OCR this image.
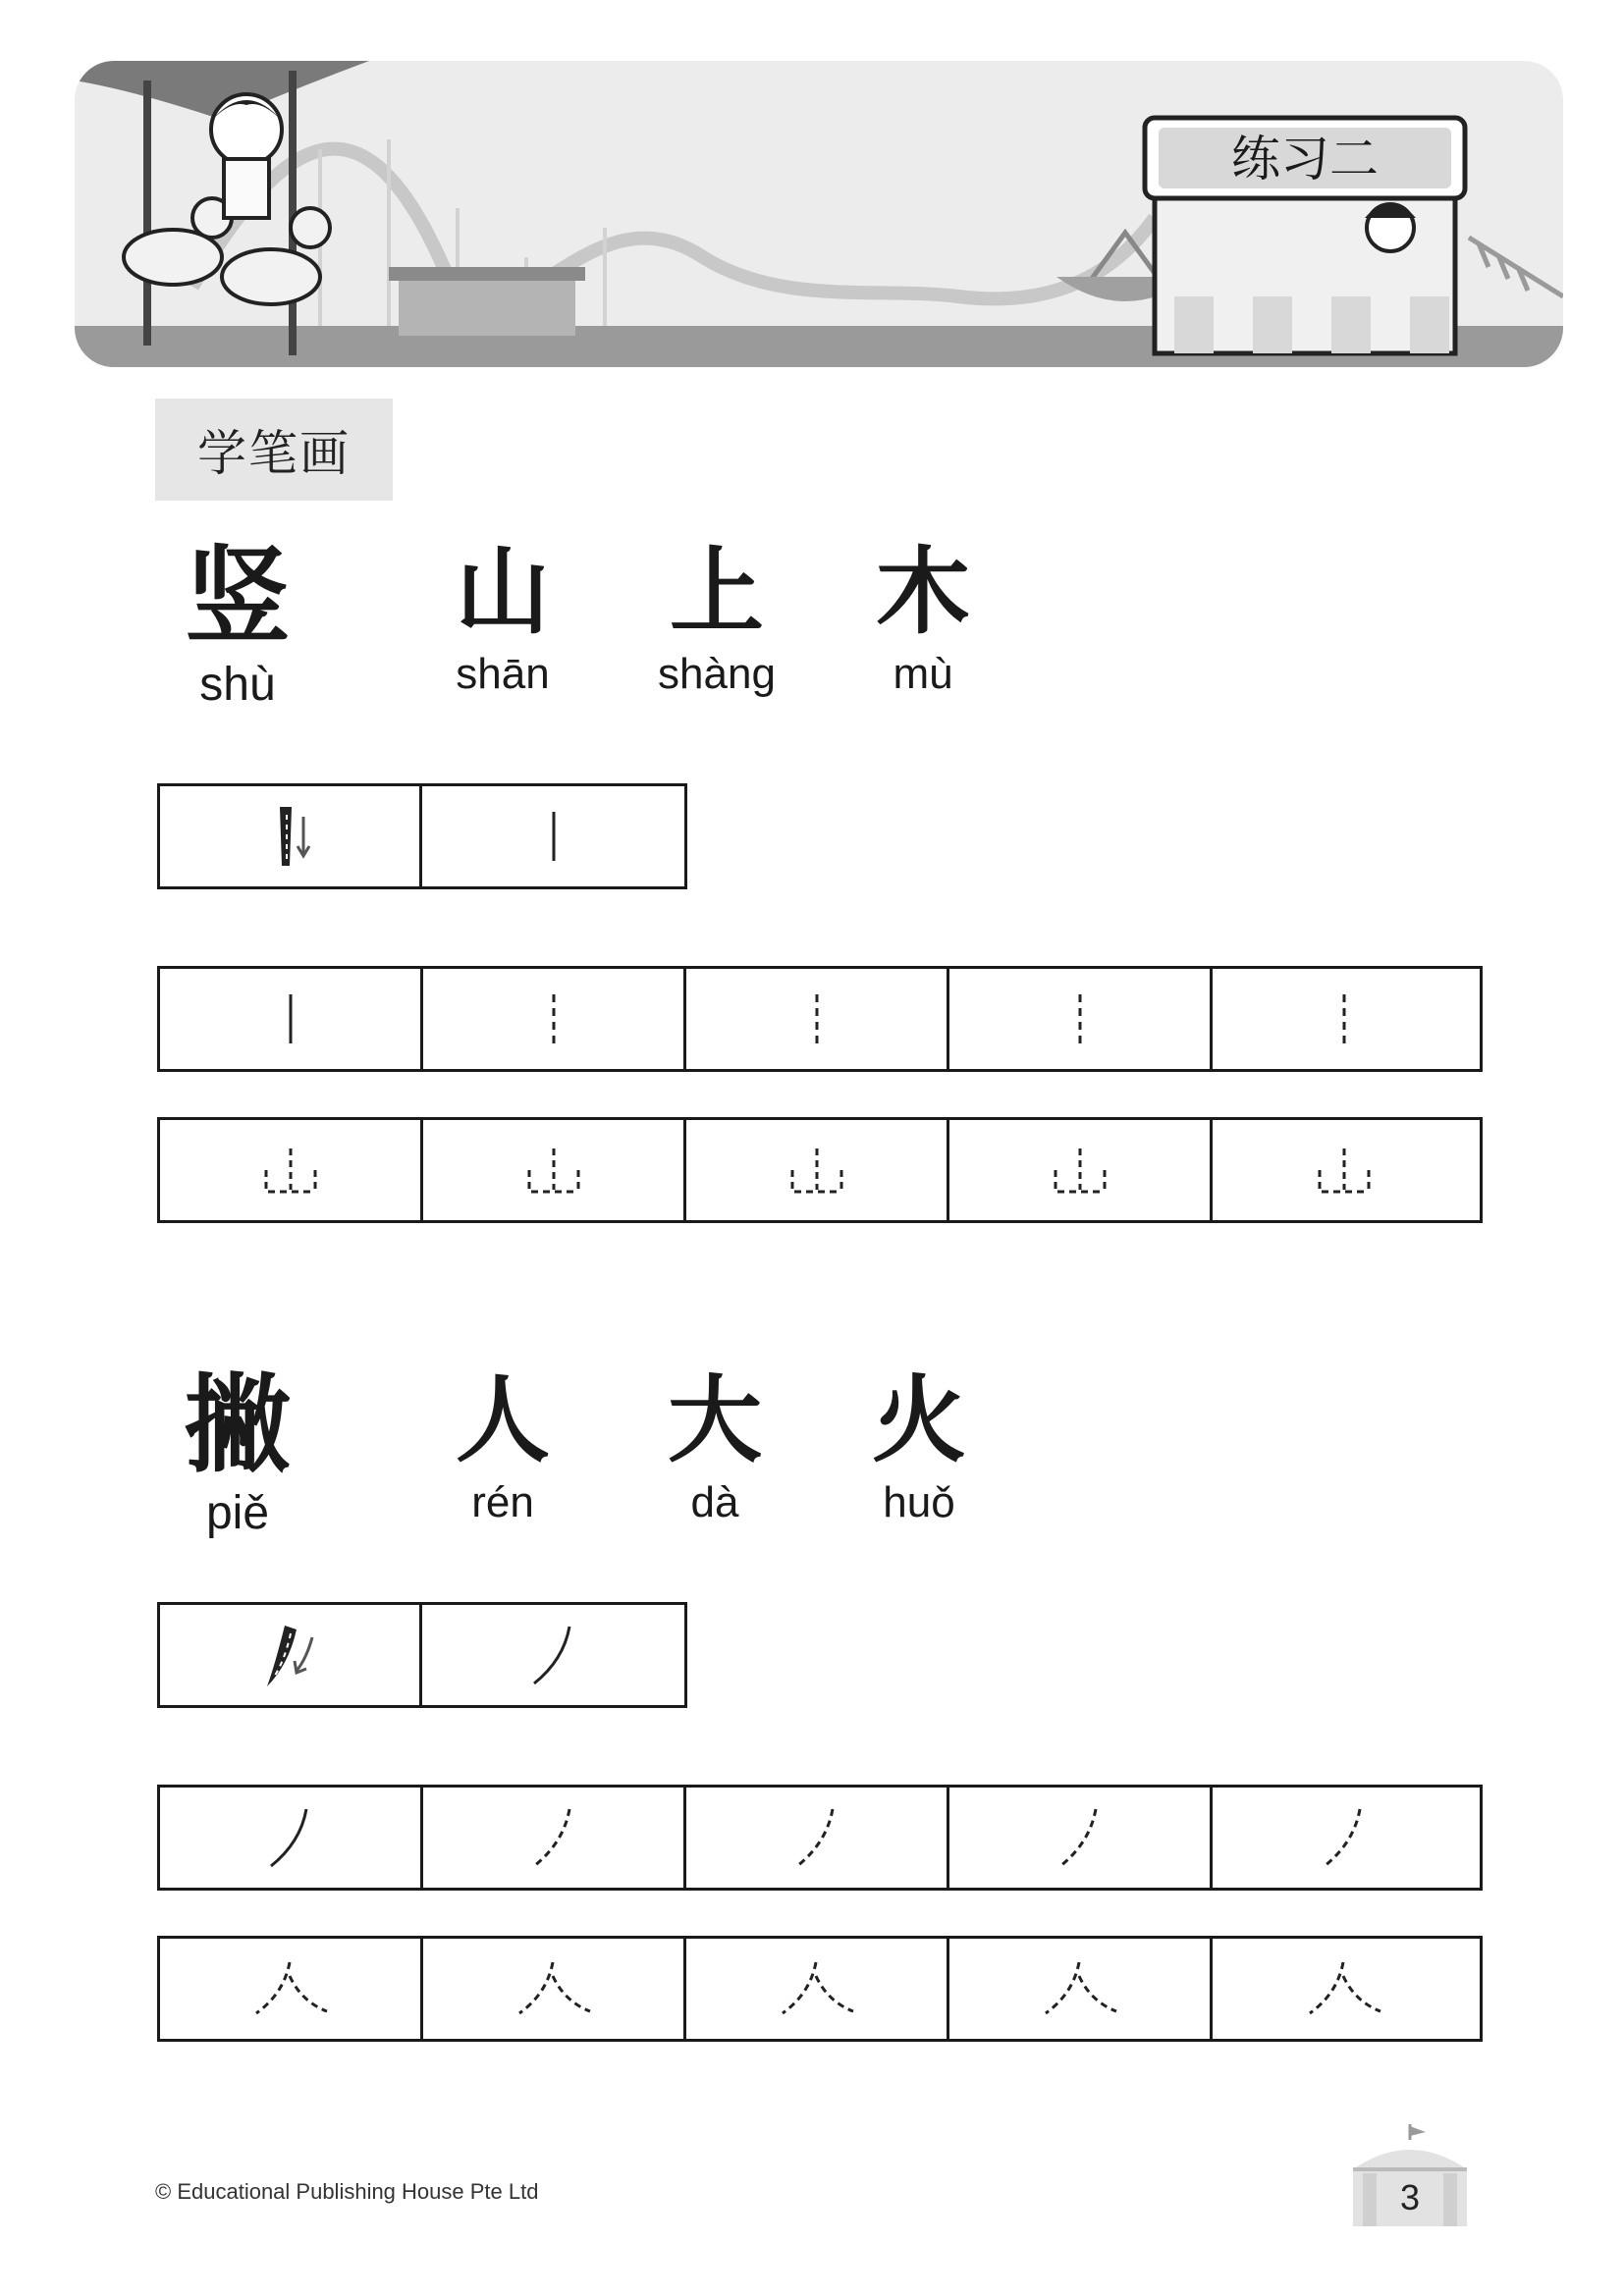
练习二
学笔画
竖
shù
山
shān
上
shàng
木
mù
撇
piě
人
rén
大
dà
火
huǒ
© Educational Publishing House Pte Ltd	3
